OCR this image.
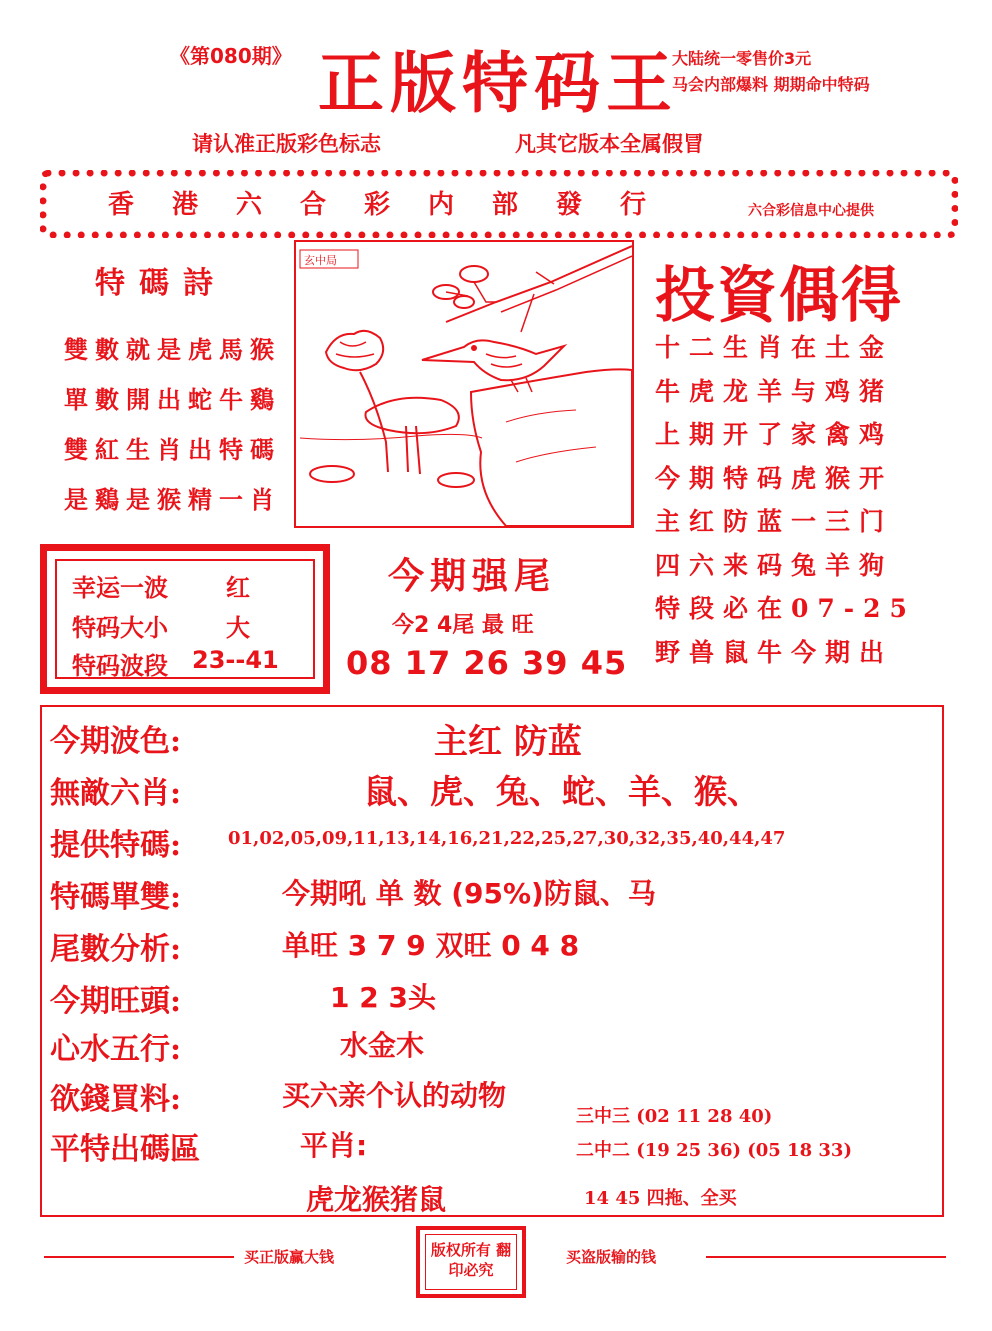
《第080期》 正版特码王
大陆统一零售价3元
马会内部爆料 期期命中特码
请认准正版彩色标志	凡其它版本全属假冒
香港六合彩内部發行	六合彩信息中心提供
特碼詩
雙數就是虎馬猴
單數開出蛇牛鷄
雙紅生肖出特碼
是鷄是猴精一肖
玄中局
投資偶得
十二生肖在土金
牛虎龙羊与鸡猪
上期开了家禽鸡
今期特码虎猴开
主红防蓝一三门
四六来码兔羊狗
特段必在07-25
野兽鼠牛今期出
幸运一波 红
特码大小 大
特码波段 23--41
今期强尾
今2 4尾 最 旺
08 17 26 39 45
今期波色:	主红 防蓝
無敵六肖:	鼠、虎、兔、蛇、羊、猴、
提供特碼:	01,02,05,09,11,13,14,16,21,22,25,27,30,32,35,40,44,47
特碼單雙:	今期吼 单 数 (95%)防鼠、马
尾數分析:	单旺 3 7 9 双旺 0 4 8
今期旺頭:	1 2 3头
心水五行:	水金木
欲錢買料:	买六亲个认的动物
平特出碼區	平肖:
虎龙猴猪鼠
三中三 (02 11 28 40)
二中二 (19 25 36) (05 18 33)
14 45 四拖、全买
买正版赢大钱	版权所有 翻印必究
买盗版输的钱
